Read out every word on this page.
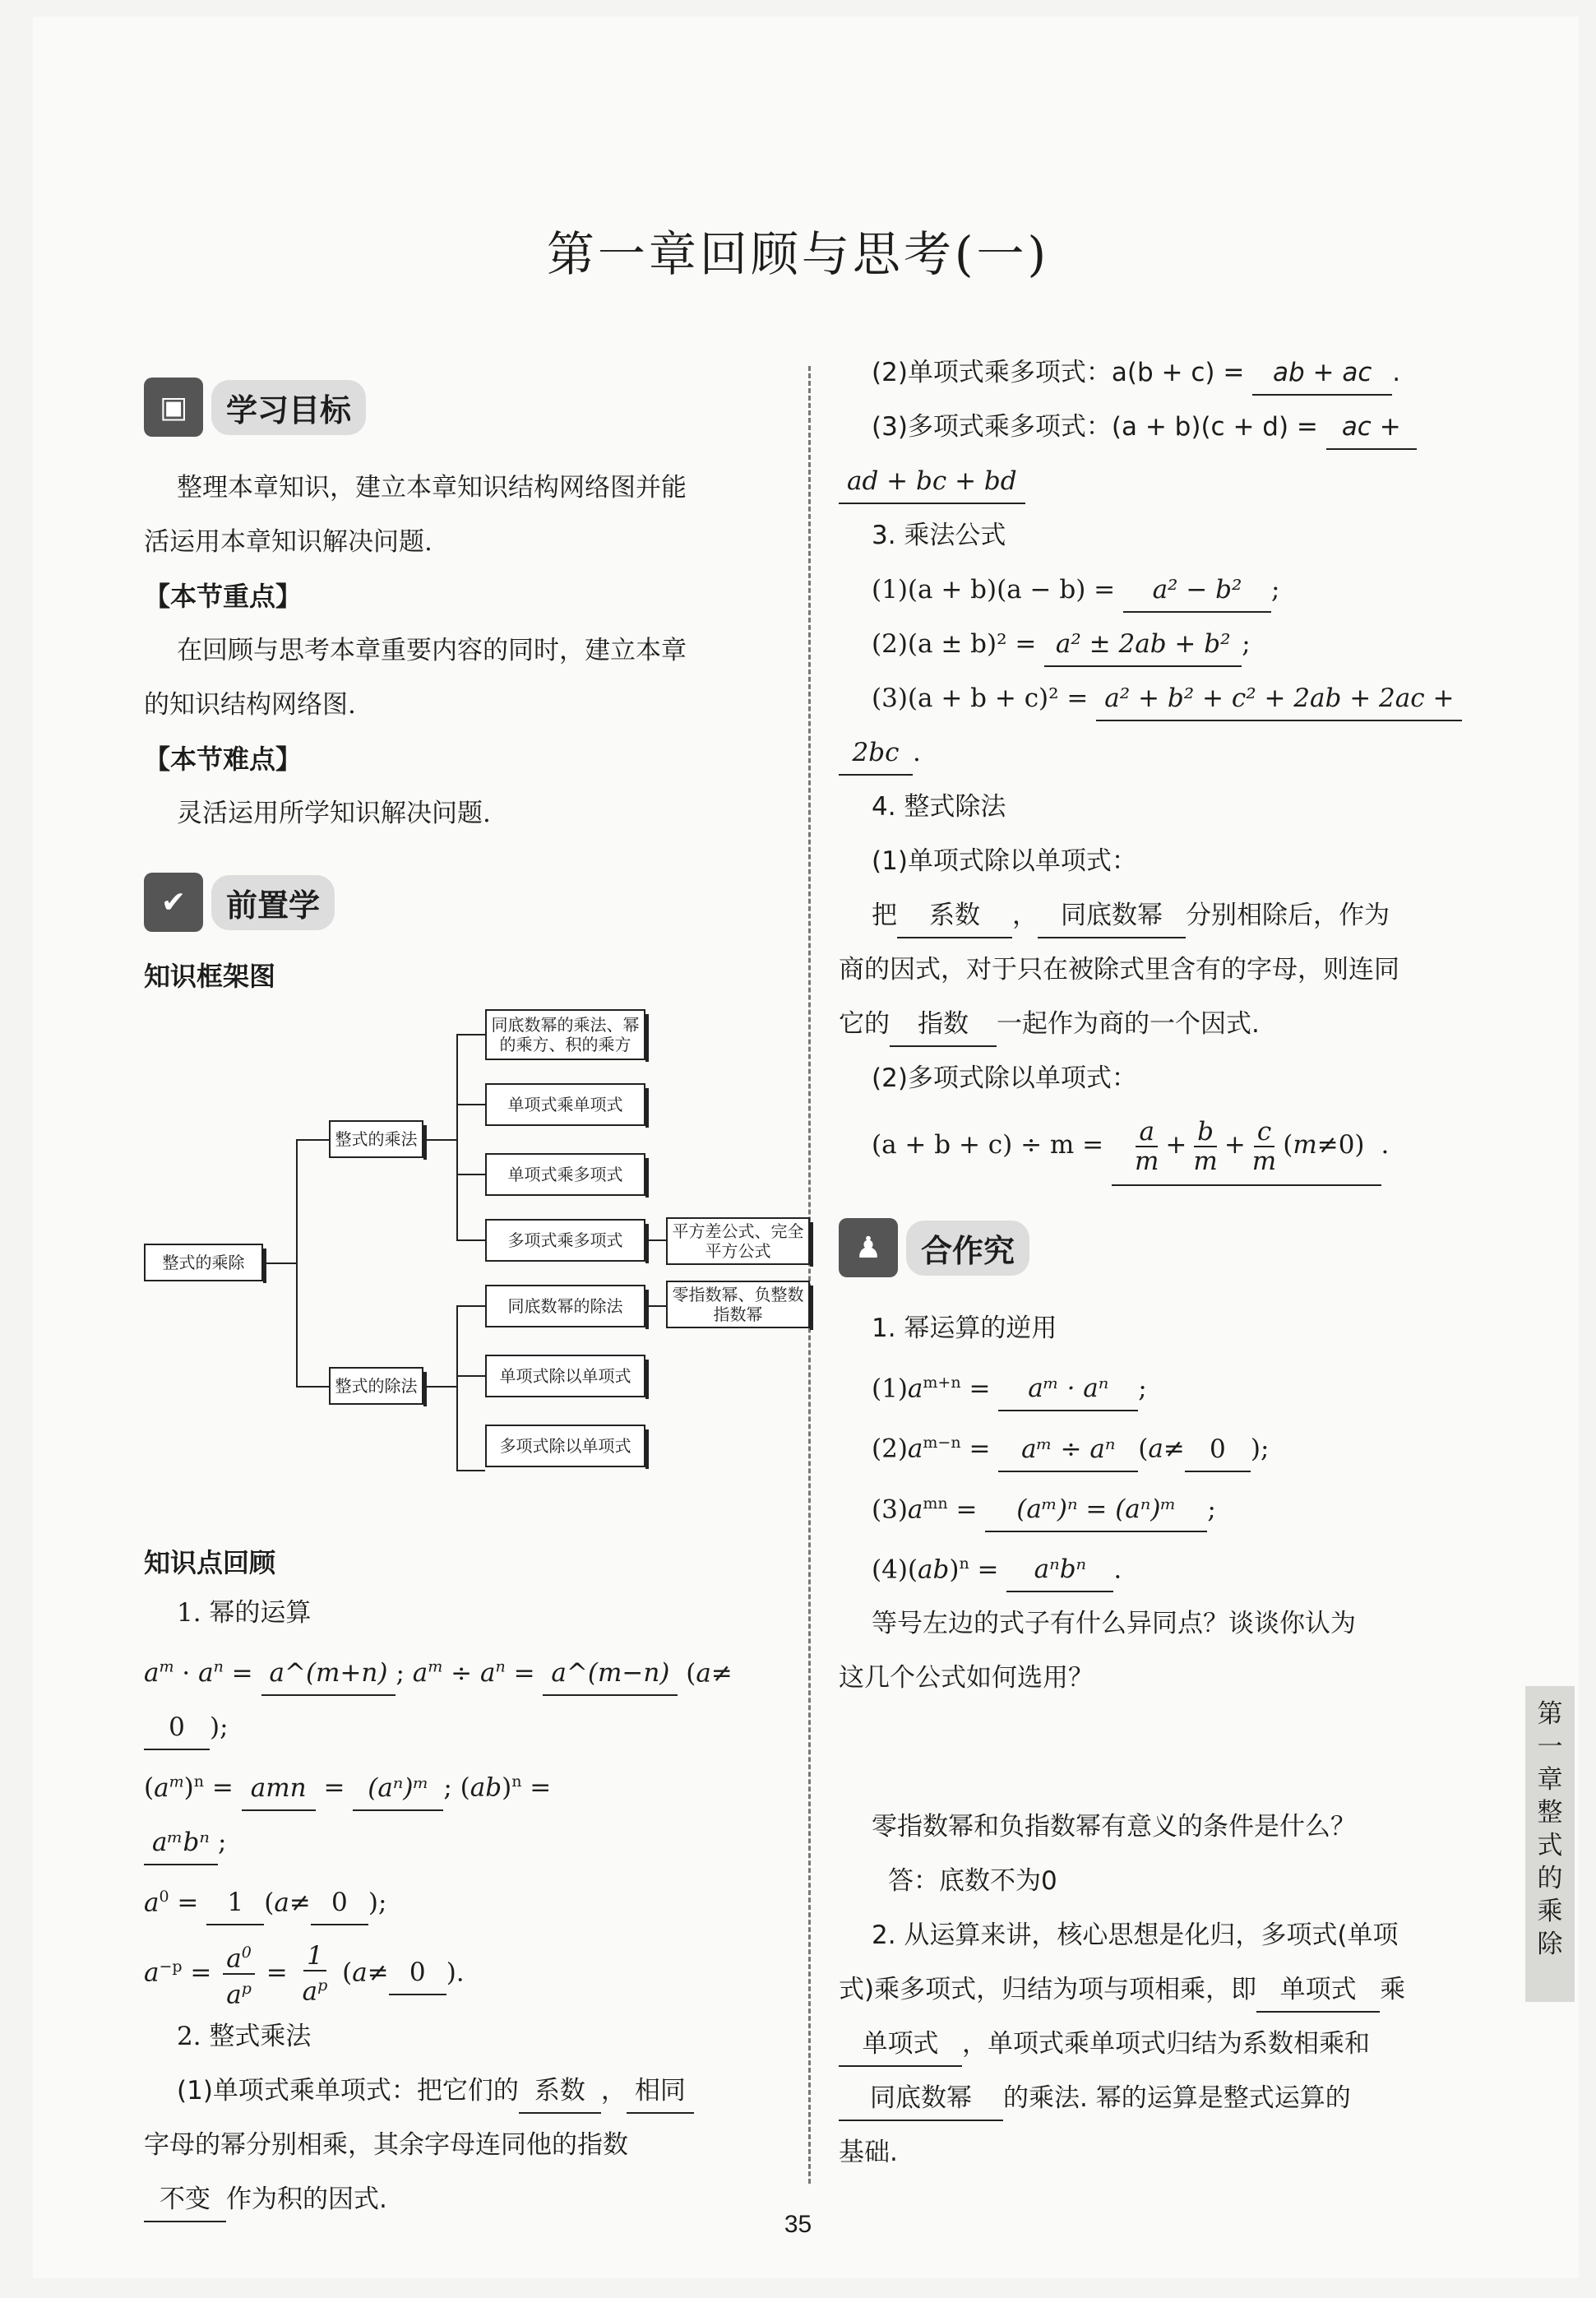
第一章回顾与思考(一)
▣	学习目标
整理本章知识，建立本章知识结构网络图并能
活运用本章知识解决问题.
【本节重点】
在回顾与思考本章重要内容的同时，建立本章
的知识结构网络图.
【本节难点】
灵活运用所学知识解决问题.
✔	前置学
知识框架图
整式的乘除
整式的乘法
整式的除法
同底数幂的乘法、幂的乘方、积的乘方
单项式乘单项式
单项式乘多项式
多项式乘多项式	平方差公式、完全平方公式
同底数幂的除法
零指数幂、负整数指数幂
单项式除以单项式
多项式除以单项式
知识点回顾
1. 幂的运算
$a^m \cdot a^n$ = a^(m+n) ; $a^m \div a^n$ = a^(m−n) (a≠
0 );
$(a^m)^n$ = amn = (aⁿ)ᵐ ; (ab)$^n$ =
aᵐbⁿ ;
$a^0 = 1$ (a≠ 0 );
$a^{-p} = \frac{a^0}{a^p} = \frac{1}{a^p} (a\ne 0$ ).
2. 整式乘法
(1)单项式乘单项式：把它们的 系数 ， 相同
字母的幂分别相乘，其余字母连同他的指数
不变 作为积的因式.
(2)单项式乘多项式：a(b + c) = ab + ac .
(3)多项式乘多项式：(a + b)(c + d) = ac +
ad + bc + bd
3. 乘法公式
(1)(a + b)(a − b) = a² − b² ;
(2)(a ± b)² = a² ± 2ab + b² ;
(3)(a + b + c)² = a² + b² + c² + 2ab + 2ac +
2bc .
4. 整式除法
(1)单项式除以单项式：
把 系数 ， 同底数幂 分别相除后，作为
商的因式，对于只在被除式里含有的字母，则连同
它的 指数 一起作为商的一个因式.
(2)多项式除以单项式：
$(a + b + c) \div m = \frac{a}{m} + \frac{b}{m} + \frac{c}{m} (m\ne 0)$.
♟	合作究
1. 幂运算的逆用
$(1)a^{m+n}$ = aᵐ · aⁿ ;
$(2)a^{m-n}$ = aᵐ ÷ aⁿ (a≠ 0 );
$(3)a^{mn}$ = (aᵐ)ⁿ = (aⁿ)ᵐ ;
(4)(ab)$^n$ = aⁿbⁿ .
等号左边的式子有什么异同点？谈谈你认为
这几个公式如何选用？
零指数幂和负指数幂有意义的条件是什么？
答：底数不为0
2. 从运算来讲，核心思想是化归，多项式(单项
式)乘多项式，归结为项与项相乘，即 单项式 乘
单项式 ，单项式乘单项式归结为系数相乘和
同底数幂 的乘法. 幂的运算是整式运算的
基础.
第
一
章
整
式
的
乘
除
35
